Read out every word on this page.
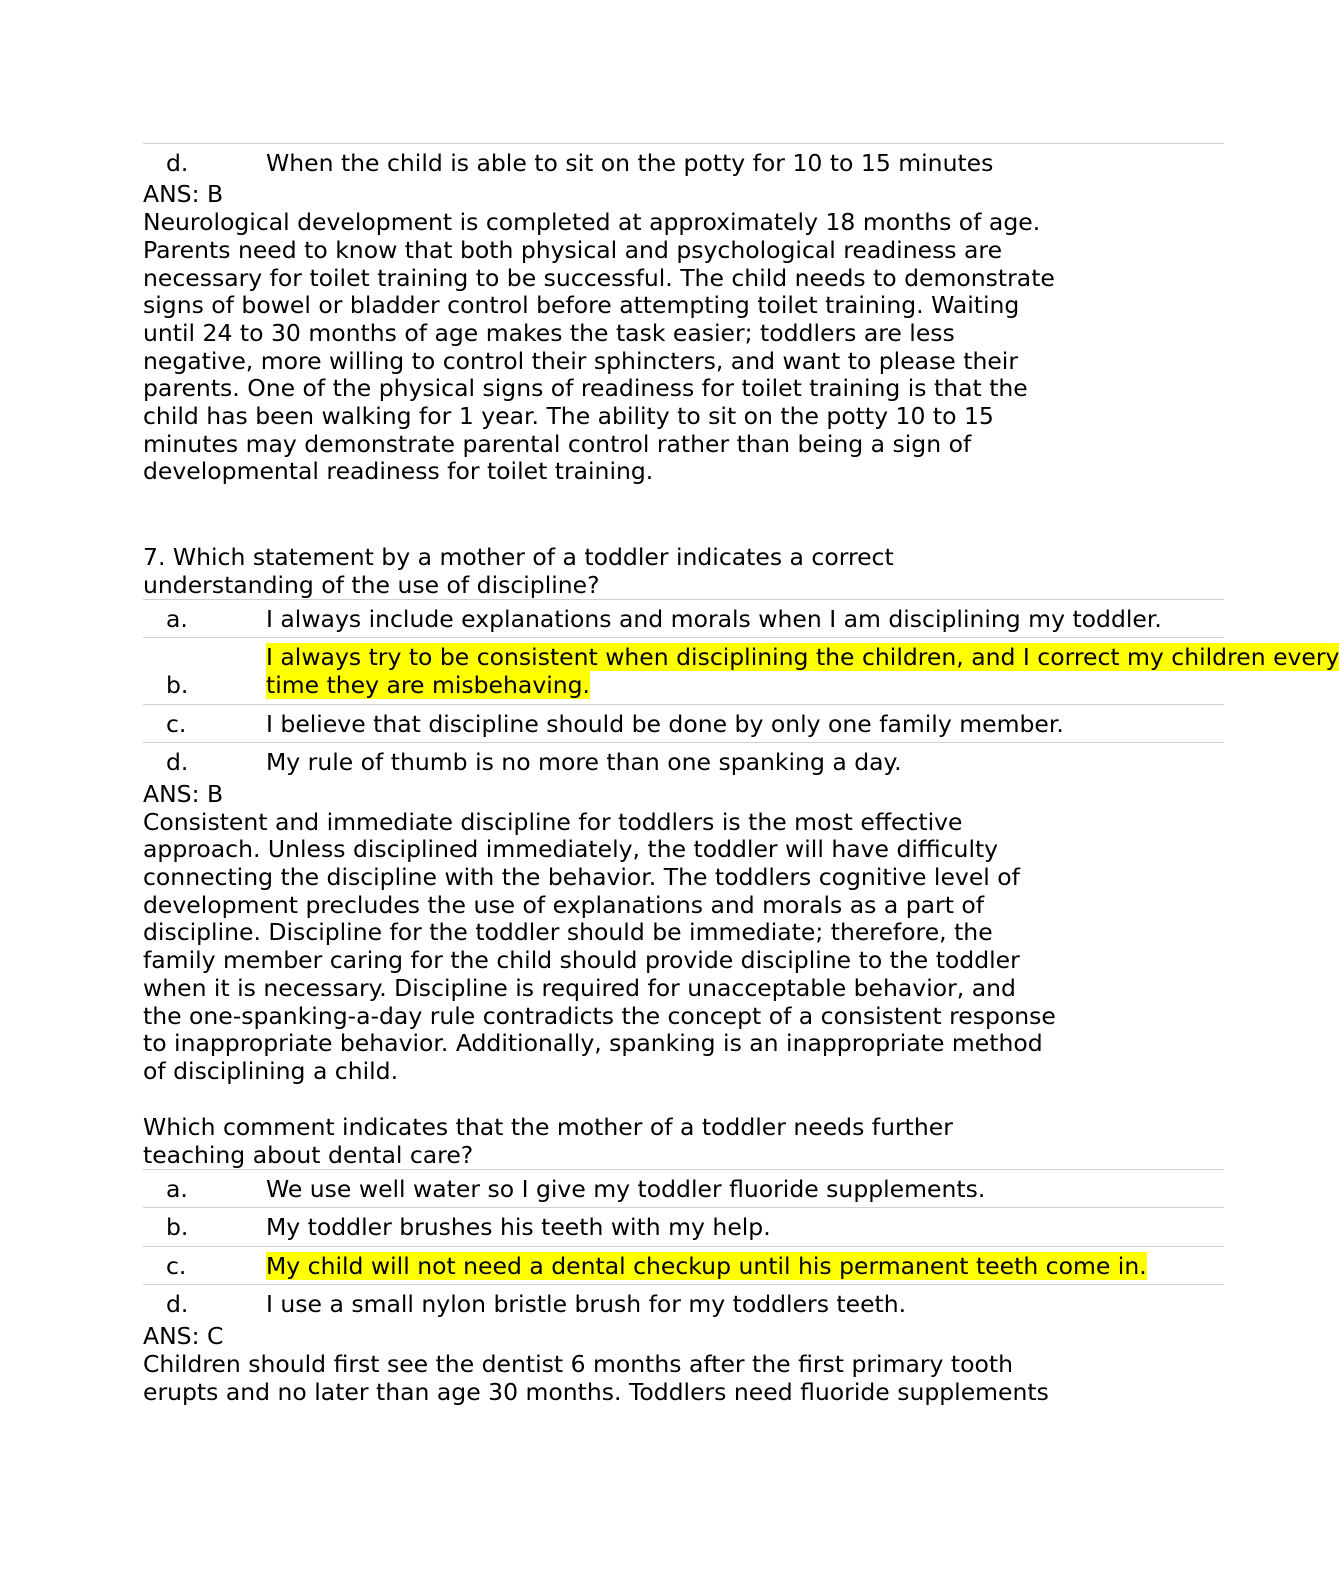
d.	When the child is able to sit on the potty for 10 to 15 minutes
ANS: B
Neurological development is completed at approximately 18 months of age.
Parents need to know that both physical and psychological readiness are
necessary for toilet training to be successful. The child needs to demonstrate
signs of bowel or bladder control before attempting toilet training. Waiting
until 24 to 30 months of age makes the task easier; toddlers are less
negative, more willing to control their sphincters, and want to please their
parents. One of the physical signs of readiness for toilet training is that the
child has been walking for 1 year. The ability to sit on the potty 10 to 15
minutes may demonstrate parental control rather than being a sign of
developmental readiness for toilet training.
7. Which statement by a mother of a toddler indicates a correct
understanding of the use of discipline?
a.	I always include explanations and morals when I am disciplining my toddler.
b.
I always try to be consistent when disciplining the children, and I correct my children every
time they are misbehaving.
c.	I believe that discipline should be done by only one family member.
d.	My rule of thumb is no more than one spanking a day.
ANS: B
Consistent and immediate discipline for toddlers is the most effective
approach. Unless disciplined immediately, the toddler will have difficulty
connecting the discipline with the behavior. The toddlers cognitive level of
development precludes the use of explanations and morals as a part of
discipline. Discipline for the toddler should be immediate; therefore, the
family member caring for the child should provide discipline to the toddler
when it is necessary. Discipline is required for unacceptable behavior, and
the one-spanking-a-day rule contradicts the concept of a consistent response
to inappropriate behavior. Additionally, spanking is an inappropriate method
of disciplining a child.
Which comment indicates that the mother of a toddler needs further
teaching about dental care?
a.	We use well water so I give my toddler fluoride supplements.
b.	My toddler brushes his teeth with my help.
c.	My child will not need a dental checkup until his permanent teeth come in.
d.	I use a small nylon bristle brush for my toddlers teeth.
ANS: C
Children should first see the dentist 6 months after the first primary tooth
erupts and no later than age 30 months. Toddlers need fluoride supplements
